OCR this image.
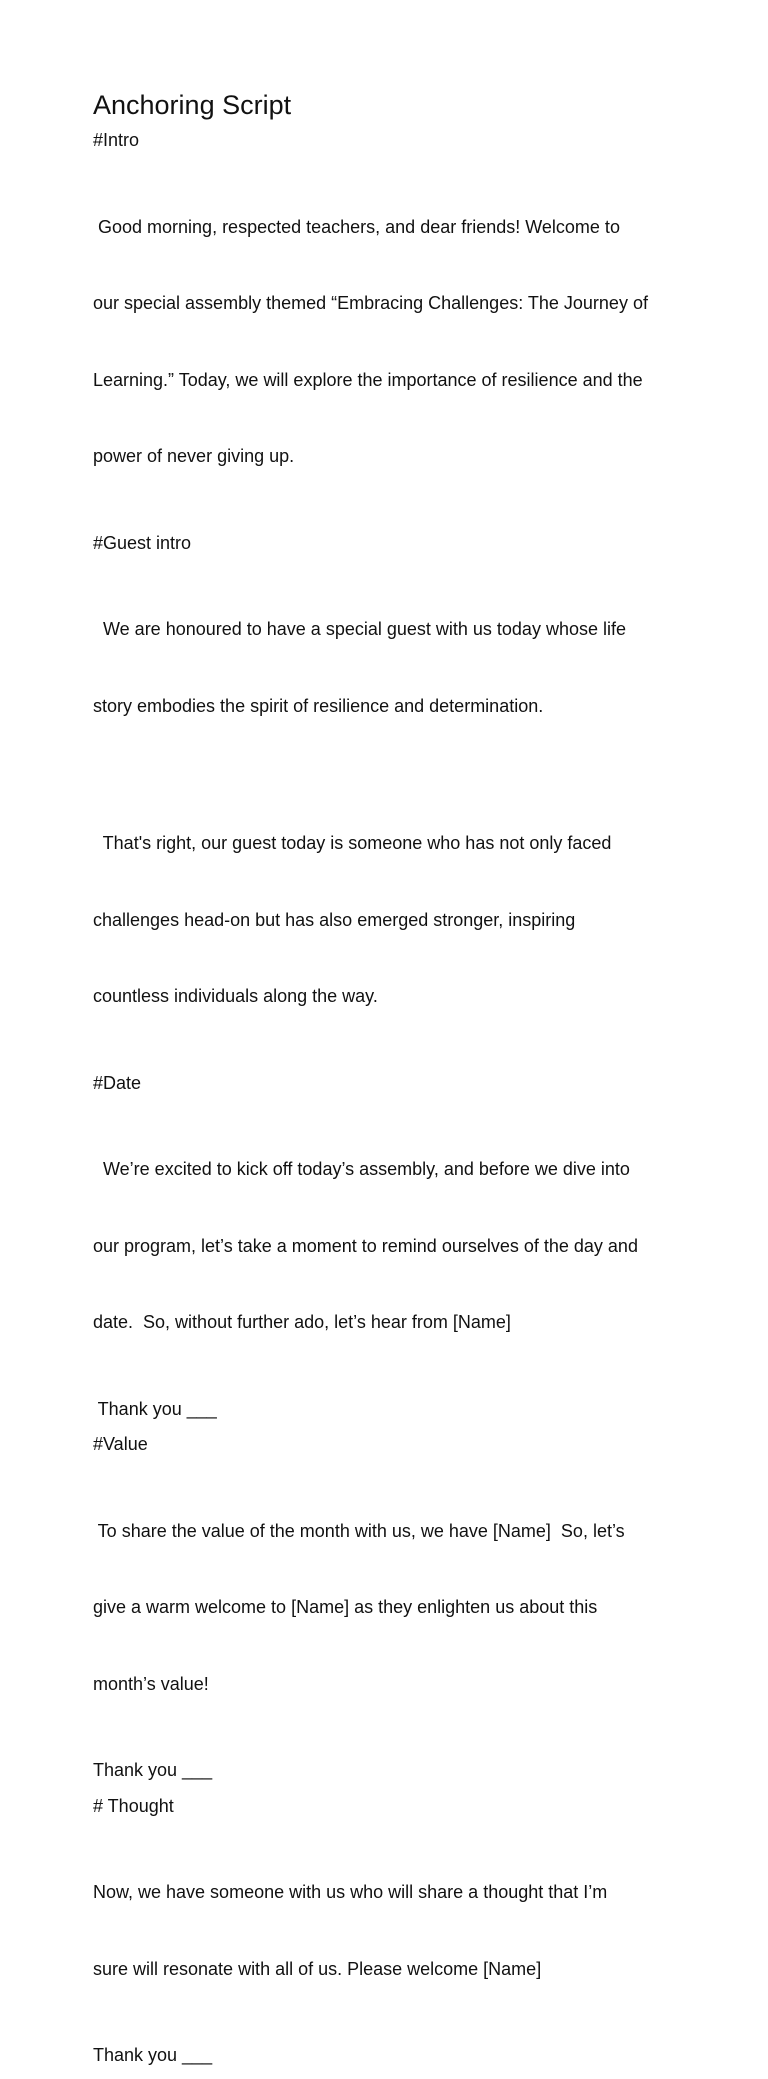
Anchoring Script
#Intro

Good morning, respected teachers, and dear friends! Welcome to

our special assembly themed “Embracing Challenges: The Journey of

Learning.” Today, we will explore the importance of resilience and the

power of never giving up.

#Guest intro

We are honoured to have a special guest with us today whose life

story embodies the spirit of resilience and determination.

That's right, our guest today is someone who has not only faced

challenges head-on but has also emerged stronger, inspiring

countless individuals along the way.

#Date

We’re excited to kick off today’s assembly, and before we dive into

our program, let’s take a moment to remind ourselves of the day and

date.  So, without further ado, let’s hear from [Name]

Thank you ___
#Value

To share the value of the month with us, we have [Name]  So, let’s

give a warm welcome to [Name] as they enlighten us about this

month’s value!

Thank you ___
# Thought

Now, we have someone with us who will share a thought that I’m

sure will resonate with all of us. Please welcome [Name]

Thank you ___
